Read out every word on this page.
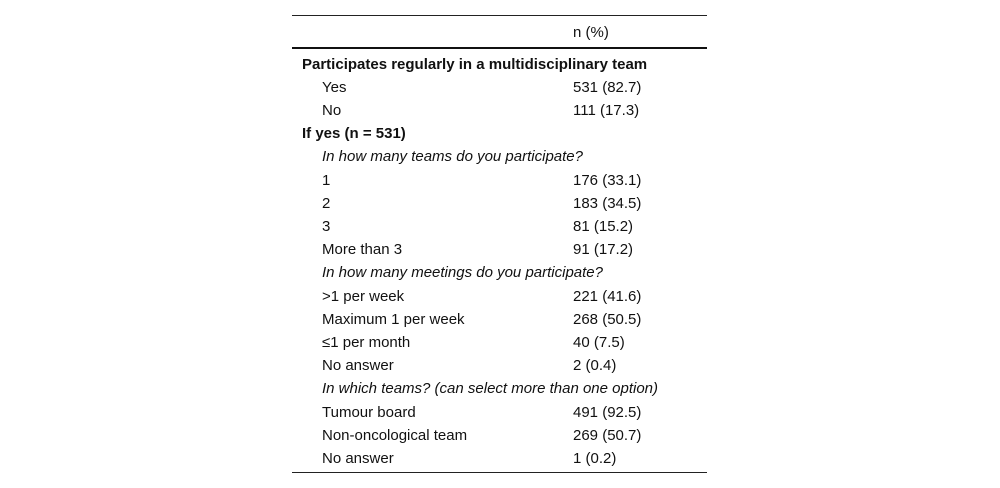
n (%)
Participates regularly in a multidisciplinary team
Yes	531 (82.7)
No	111 (17.3)
If yes (n = 531)
In how many teams do you participate?
1	176 (33.1)
2	183 (34.5)
3	81 (15.2)
More than 3	91 (17.2)
In how many meetings do you participate?
>1 per week	221 (41.6)
Maximum 1 per week	268 (50.5)
≤1 per month	40 (7.5)
No answer	2 (0.4)
In which teams? (can select more than one option)
Tumour board	491 (92.5)
Non-oncological team	269 (50.7)
No answer	1 (0.2)
